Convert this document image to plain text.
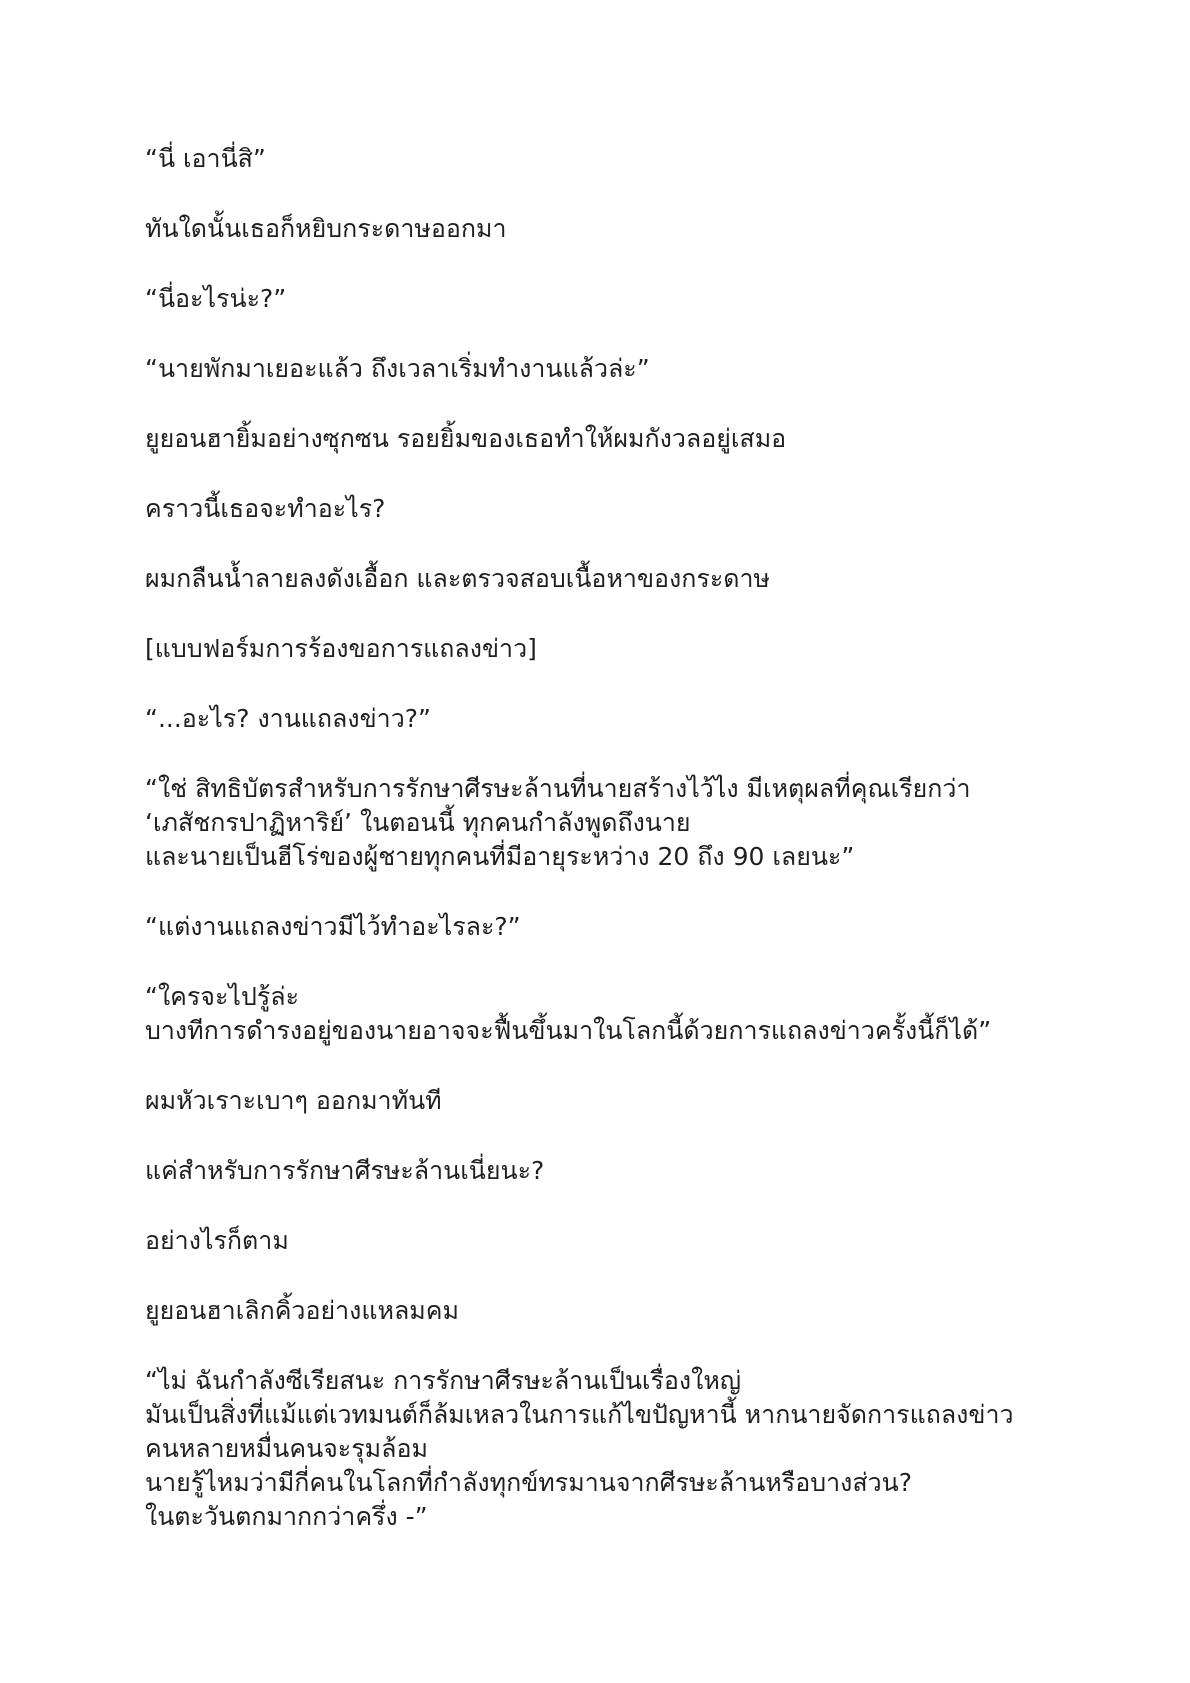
“นี่ เอานี่สิ”

ทันใดนั้นเธอก็หยิบกระดาษออกมา

“นี่อะไรน่ะ?”

“นายพักมาเยอะแล้ว ถึงเวลาเริ่มทำงานแล้วล่ะ”

ยูยอนฮายิ้มอย่างซุกซน รอยยิ้มของเธอทำให้ผมกังวลอยู่เสมอ

คราวนี้เธอจะทำอะไร?

ผมกลืนน้ำลายลงดังเอื้อก และตรวจสอบเนื้อหาของกระดาษ

[แบบฟอร์มการร้องขอการแถลงข่าว]

“...อะไร? งานแถลงข่าว?”

“ใช่ สิทธิบัตรสำหรับการรักษาศีรษะล้านที่นายสร้างไว้ไง มีเหตุผลที่คุณเรียกว่า
‘เภสัชกรปาฏิหาริย์’ ในตอนนี้ ทุกคนกำลังพูดถึงนาย
และนายเป็นฮีโร่ของผู้ชายทุกคนที่มีอายุระหว่าง 20 ถึง 90 เลยนะ”

“แต่งานแถลงข่าวมีไว้ทำอะไรละ?”

“ใครจะไปรู้ล่ะ
บางทีการดำรงอยู่ของนายอาจจะฟื้นขึ้นมาในโลกนี้ด้วยการแถลงข่าวครั้งนี้ก็ได้”

ผมหัวเราะเบาๆ ออกมาทันที

แค่สำหรับการรักษาศีรษะล้านเนี่ยนะ?

อย่างไรก็ตาม

ยูยอนฮาเลิกคิ้วอย่างแหลมคม

“ไม่ ฉันกำลังซีเรียสนะ การรักษาศีรษะล้านเป็นเรื่องใหญ่
มันเป็นสิ่งที่แม้แต่เวทมนต์ก็ล้มเหลวในการแก้ไขปัญหานี้ หากนายจัดการแถลงข่าว
คนหลายหมื่นคนจะรุมล้อม
นายรู้ไหมว่ามีกี่คนในโลกที่กำลังทุกข์ทรมานจากศีรษะล้านหรือบางส่วน?
ในตะวันตกมากกว่าครึ่ง -”
